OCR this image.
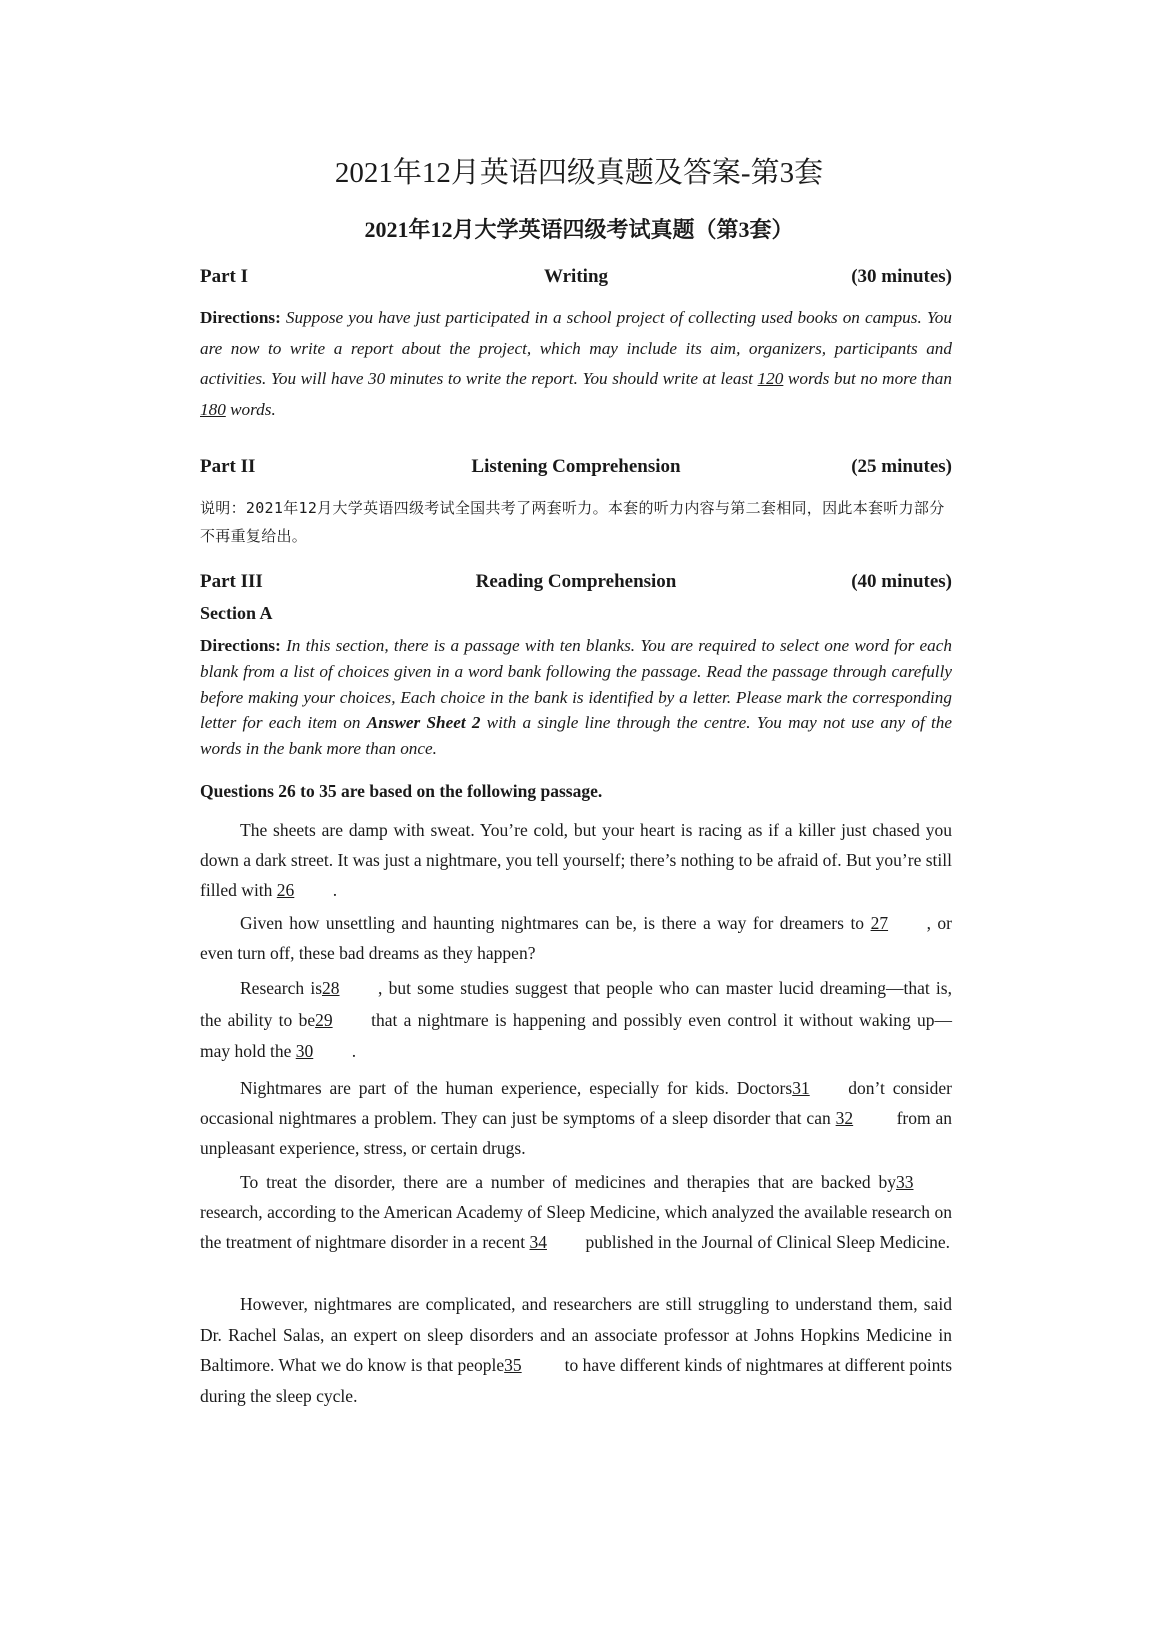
2021年12月英语四级真题及答案-第3套
2021年12月大学英语四级考试真题（第3套）
Part I	Writing	(30 minutes)
Directions: Suppose you have just participated in a school project of collecting used books on campus. You are now to write a report about the project, which may include its aim, organizers, participants and activities. You will have 30 minutes to write the report. You should write at least 120 words but no more than 180 words.
Part II	Listening Comprehension	(25 minutes)
说明：2021年12月大学英语四级考试全国共考了两套听力。本套的听力内容与第二套相同，因此本套听力部分不再重复给出。
Part III	Reading Comprehension	(40 minutes)
Section A
Directions: In this section, there is a passage with ten blanks. You are required to select one word for each blank from a list of choices given in a word bank following the passage. Read the passage through carefully before making your choices, Each choice in the bank is identified by a letter. Please mark the corresponding letter for each item on Answer Sheet 2 with a single line through the centre. You may not use any of the words in the bank more than once.
Questions 26 to 35 are based on the following passage.
The sheets are damp with sweat. You’re cold, but your heart is racing as if a killer just chased you down a dark street. It was just a nightmare, you tell yourself; there’s nothing to be afraid of. But you’re still filled with 26 .
Given how unsettling and haunting nightmares can be, is there a way for dreamers to 27 , or even turn off, these bad dreams as they happen?
Research is28 , but some studies suggest that people who can master lucid dreaming—that is, the ability to be29 that a nightmare is happening and possibly even control it without waking up—may hold the 30 .
Nightmares are part of the human experience, especially for kids. Doctors31 don’t consider occasional nightmares a problem. They can just be symptoms of a sleep disorder that can 32 from an unpleasant experience, stress, or certain drugs.
To treat the disorder, there are a number of medicines and therapies that are backed by33research, according to the American Academy of Sleep Medicine, which analyzed the available research on the treatment of nightmare disorder in a recent 34 published in the Journal of Clinical Sleep Medicine.
However, nightmares are complicated, and researchers are still struggling to understand them, said Dr. Rachel Salas, an expert on sleep disorders and an associate professor at Johns Hopkins Medicine in Baltimore. What we do know is that people35 to have different kinds of nightmares at different points during the sleep cycle.
